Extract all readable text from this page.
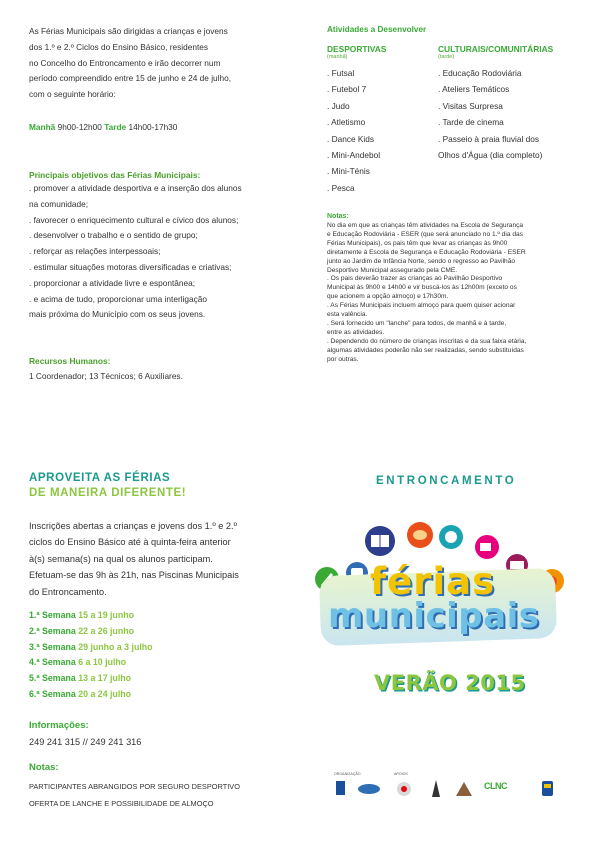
As Férias Municipais são dirigidas a crianças e jovens
dos 1.º e 2.º Ciclos do Ensino Básico, residentes
no Concelho do Entroncamento e irão decorrer num
período compreendido entre 15 de junho e 24 de julho,
com o seguinte horário:
Manhã 9h00-12h00 Tarde 14h00-17h30
Principais objetivos das Férias Municipais:
. promover a atividade desportiva e a inserção dos alunos
na comunidade;
. favorecer o enriquecimento cultural e cívico dos alunos;
. desenvolver o trabalho e o sentido de grupo;
. reforçar as relações interpessoais;
. estimular situações motoras diversificadas e criativas;
. proporcionar a atividade livre e espontânea;
. e acima de tudo, proporcionar uma interligação
mais próxima do Município com os seus jovens.
Recursos Humanos:
1 Coordenador; 13 Técnicos; 6 Auxiliares.
Atividades a Desenvolver
DESPORTIVAS
(manhã)
. Futsal
. Futebol 7
. Judo
. Atletismo
. Dance Kids
. Mini-Andebol
. Mini-Ténis
. Pesca
CULTURAIS/COMUNITÁRIAS
(tarde)
. Educação Rodoviária
. Ateliers Temáticos
. Visitas Surpresa
. Tarde de cinema
. Passeio à praia fluvial dos
Olhos d'Água (dia completo)
Notas:
No dia em que as crianças têm atividades na Escola de Segurança
e Educação Rodoviária - ESER (que será anunciado no 1.º dia das
Férias Municipais), os pais têm que levar as crianças às 9h00
diretamente à Escola de Segurança e Educação Rodoviária - ESER
junto ao Jardim de Infância Norte, sendo o regresso ao Pavilhão
Desportivo Municipal assegurado pela CME.
. Os pais deverão trazer as crianças ao Pavilhão Desportivo
Municipal às 9h00 e 14h00 e vir buscá-los às 12h00m (exceto os
que acionem a opção almoço) e 17h30m.
. As Férias Municipais incluem almoço para quem quiser acionar
esta valência.
. Será fornecido um "lanche" para todos, de manhã e à tarde,
entre as atividades.
. Dependendo do número de crianças inscritas e da sua faixa etária,
algumas atividades poderão não ser realizadas, sendo substituídas
por outras.
APROVEITA AS FÉRIAS
DE MANEIRA DIFERENTE!
Inscrições abertas a crianças e jovens dos 1.º e 2.º
ciclos do Ensino Básico até à quinta-feira anterior
à(s) semana(s) na qual os alunos participam.
Efetuam-se das 9h às 21h, nas Piscinas Municipais
do Entroncamento.
1.ª Semana 15 a 19 junho
2.ª Semana 22 a 26 junho
3.ª Semana 29 junho a 3 julho
4.ª Semana 6 a 10 julho
5.ª Semana 13 a 17 julho
6.ª Semana 20 a 24 julho
Informações:
249 241 315 // 249 241 316
Notas:
PARTICIPANTES ABRANGIDOS POR SEGURO DESPORTIVO
OFERTA DE LANCHE E POSSIBILIDADE DE ALMOÇO
ENTRONCAMENTO
férias
municipais
VERÃO 2015
ORGANIZAÇÃO	APOIOS
CLNC
